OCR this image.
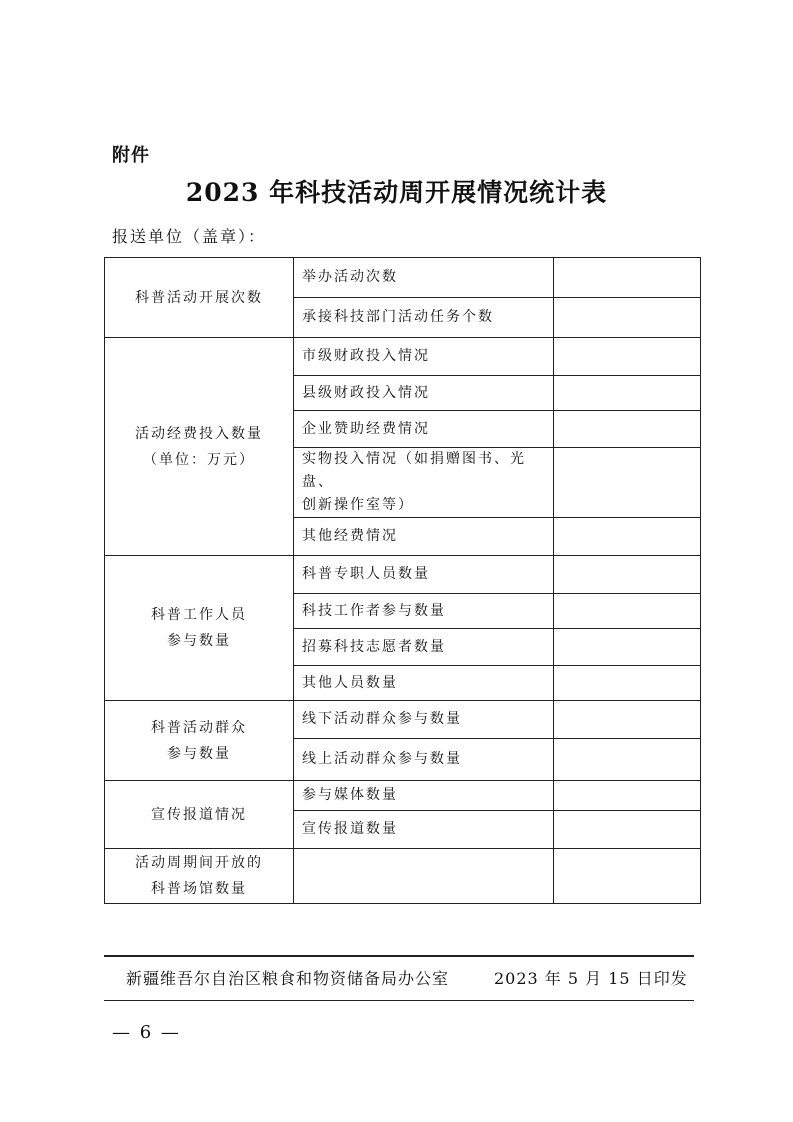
附件
2023 年科技活动周开展情况统计表
报送单位（盖章）：
科普活动开展次数	举办活动次数	
	承接科技部门活动任务个数	

活动经费投入数量
（单位：万元）	市级财政投入情况	
	县级财政投入情况	
	企业赞助经费情况	

	实物投入情况（如捐赠图书、光盘、
创新操作室等）	

	其他经费情况	

科普工作人员
参与数量	科普专职人员数量	
	科技工作者参与数量	
	招募科技志愿者数量	
	其他人员数量	

科普活动群众
参与数量	线下活动群众参与数量	
	线上活动群众参与数量	

宣传报道情况	参与媒体数量	
	宣传报道数量	

活动周期间开放的
科普场馆数量		

新疆维吾尔自治区粮食和物资储备局办公室	2023 年 5 月 15 日印发
— 6 —
